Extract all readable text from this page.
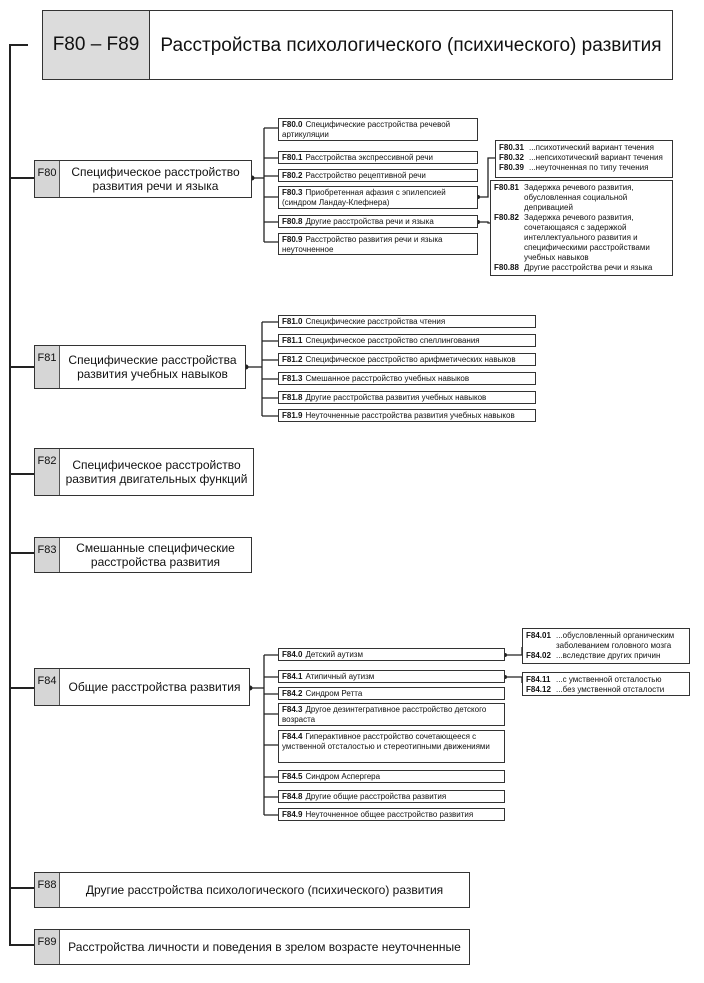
F80 – F89	Расстройства психологического (психического) развития
F80	Специфическое расстройство развития речи и языка
F80.0 Специфические расстройства речевой артикуляции
F80.1 Расстройства экспрессивной речи
F80.2 Расстройство рецептивной речи
F80.3 Приобретенная афазия с эпилепсией (синдром Ландау-Клефнера)
F80.8 Другие расстройства речи и языка
F80.9 Расстройство развития речи и языка неуточненное
F80.31 ...психотический вариант течения
F80.32 ...непсихотический вариант течения
F80.39 ...неуточненная по типу течения
F80.81 Задержка речевого развития, обусловленная социальной депривацией
F80.82 Задержка речевого развития, сочетающаяся с задержкой интеллектуального развития и специфическими расстройствами учебных навыков
F80.88 Другие расстройства речи и языка
F81 Специфические расстройства развития учебных навыков
F81.0 Специфические расстройства чтения
F81.1 Специфическое расстройство спеллингования
F81.2 Специфическое расстройство арифметических навыков
F81.3 Смешанное расстройство учебных навыков
F81.8 Другие расстройства развития учебных навыков
F81.9 Неуточненные расстройства развития учебных навыков
F82	Специфическое расстройство развития двигательных функций
F83	Смешанные специфические расстройства развития
F84	Общие расстройства развития
F84.0 Детский аутизм
F84.1 Атипичный аутизм
F84.2 Синдром Ретта
F84.3 Другое дезинтегративное расстройство детского возраста
F84.4 Гиперактивное расстройство сочетающееся с умственной отсталостью и стереотипными движениями
F84.5 Синдром Аспергера
F84.8 Другие общие расстройства развития
F84.9 Неуточненное общее расстройство развития
F84.01 ...обусловленный органическим заболеванием головного мозга
F84.02 ...вследствие других причин
F84.11 ...с умственной отсталостью
F84.12 ...без умственной отсталости
F88	Другие расстройства психологического (психического) развития
F89 Расстройства личности и поведения в зрелом возрасте неуточненные
